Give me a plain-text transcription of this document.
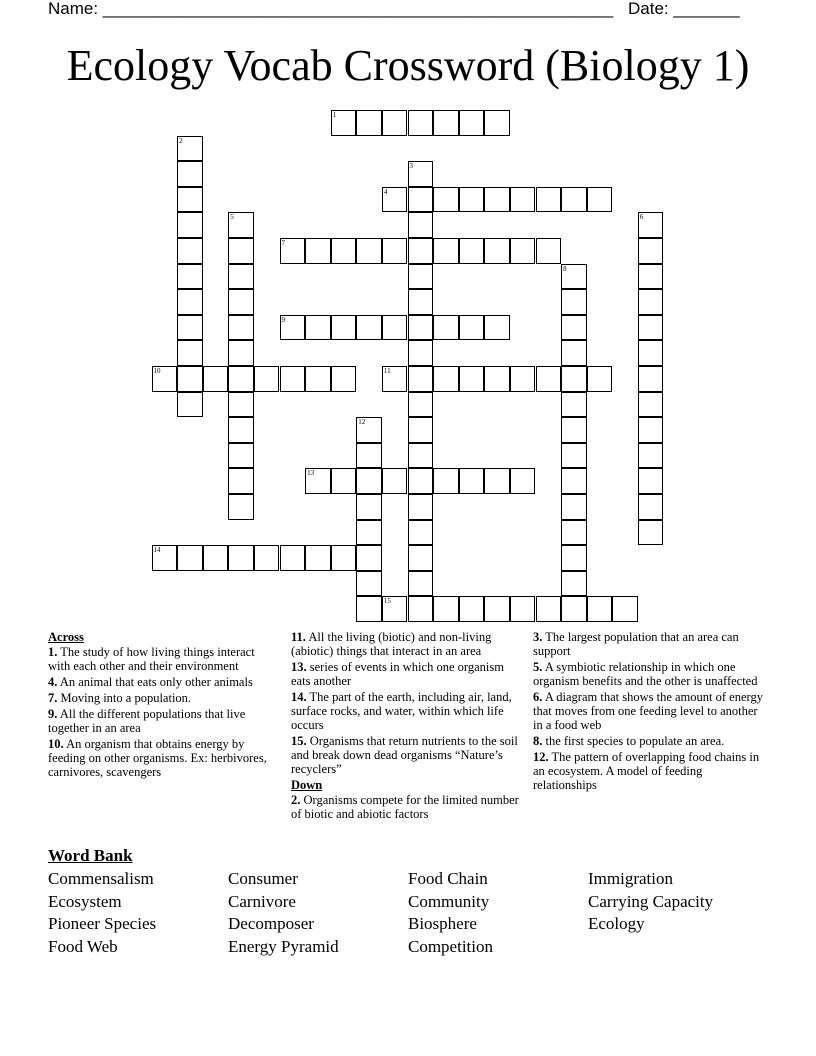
Name: ______________________________________________________ Date: _______
Ecology Vocab Crossword (Biology 1)
1
2
3
4
5	6
7
8
9
10	11
12
13
14
15
Across
1. The study of how living things interact with each other and their environment
4. An animal that eats only other animals
7. Moving into a population.
9. All the different populations that live together in an area
10. An organism that obtains energy by feeding on other organisms. Ex: herbivores, carnivores, scavengers
11. All the living (biotic) and non-living (abiotic) things that interact in an area
13. series of events in which one organism eats another
14. The part of the earth, including air, land, surface rocks, and water, within which life occurs
15. Organisms that return nutrients to the soil and break down dead organisms “Nature’s recyclers”
Down
2. Organisms compete for the limited number of biotic and abiotic factors
3. The largest population that an area can support
5. A symbiotic relationship in which one organism benefits and the other is unaffected
6. A diagram that shows the amount of energy that moves from one feeding level to another in a food web
8. the first species to populate an area.
12. The pattern of overlapping food chains in an ecosystem. A model of feeding relationships
Word Bank
Commensalism
Ecosystem
Pioneer Species
Food Web
Consumer
Carnivore
Decomposer
Energy Pyramid
Food Chain
Community
Biosphere
Competition
Immigration
Carrying Capacity
Ecology
